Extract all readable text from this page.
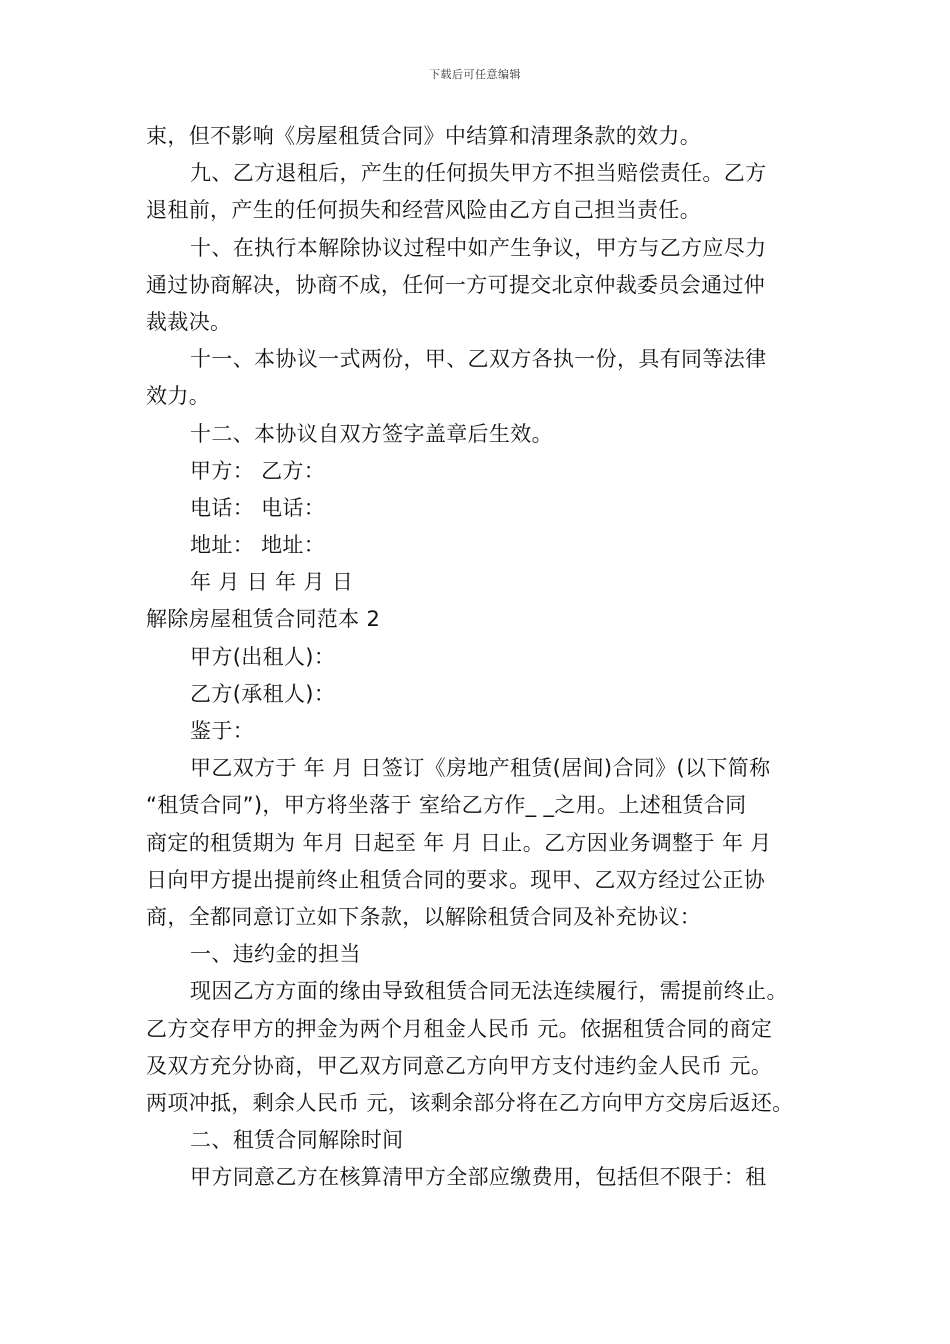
下载后可任意编辑
束，但不影响《房屋租赁合同》中结算和清理条款的效力。
九、乙方退租后，产生的任何损失甲方不担当赔偿责任。乙方
退租前，产生的任何损失和经营风险由乙方自己担当责任。
十、在执行本解除协议过程中如产生争议，甲方与乙方应尽力
通过协商解决，协商不成，任何一方可提交北京仲裁委员会通过仲
裁裁决。
十一、本协议一式两份，甲、乙双方各执一份，具有同等法律
效力。
十二、本协议自双方签字盖章后生效。
甲方： 乙方：
电话： 电话：
地址： 地址：
年 月 日 年 月 日
解除房屋租赁合同范本 2
甲方(出租人)：
乙方(承租人)：
鉴于：
甲乙双方于 年 月 日签订《房地产租赁(居间)合同》(以下简称
“租赁合同”)，甲方将坐落于 室给乙方作_ _之用。上述租赁合同
商定的租赁期为 年月 日起至 年 月 日止。乙方因业务调整于 年 月
日向甲方提出提前终止租赁合同的要求。现甲、乙双方经过公正协
商，全都同意订立如下条款，以解除租赁合同及补充协议：
一、违约金的担当
现因乙方方面的缘由导致租赁合同无法连续履行，需提前终止。
乙方交存甲方的押金为两个月租金人民币 元。依据租赁合同的商定
及双方充分协商，甲乙双方同意乙方向甲方支付违约金人民币 元。
两项冲抵，剩余人民币 元，该剩余部分将在乙方向甲方交房后返还。
二、租赁合同解除时间
甲方同意乙方在核算清甲方全部应缴费用，包括但不限于：租
